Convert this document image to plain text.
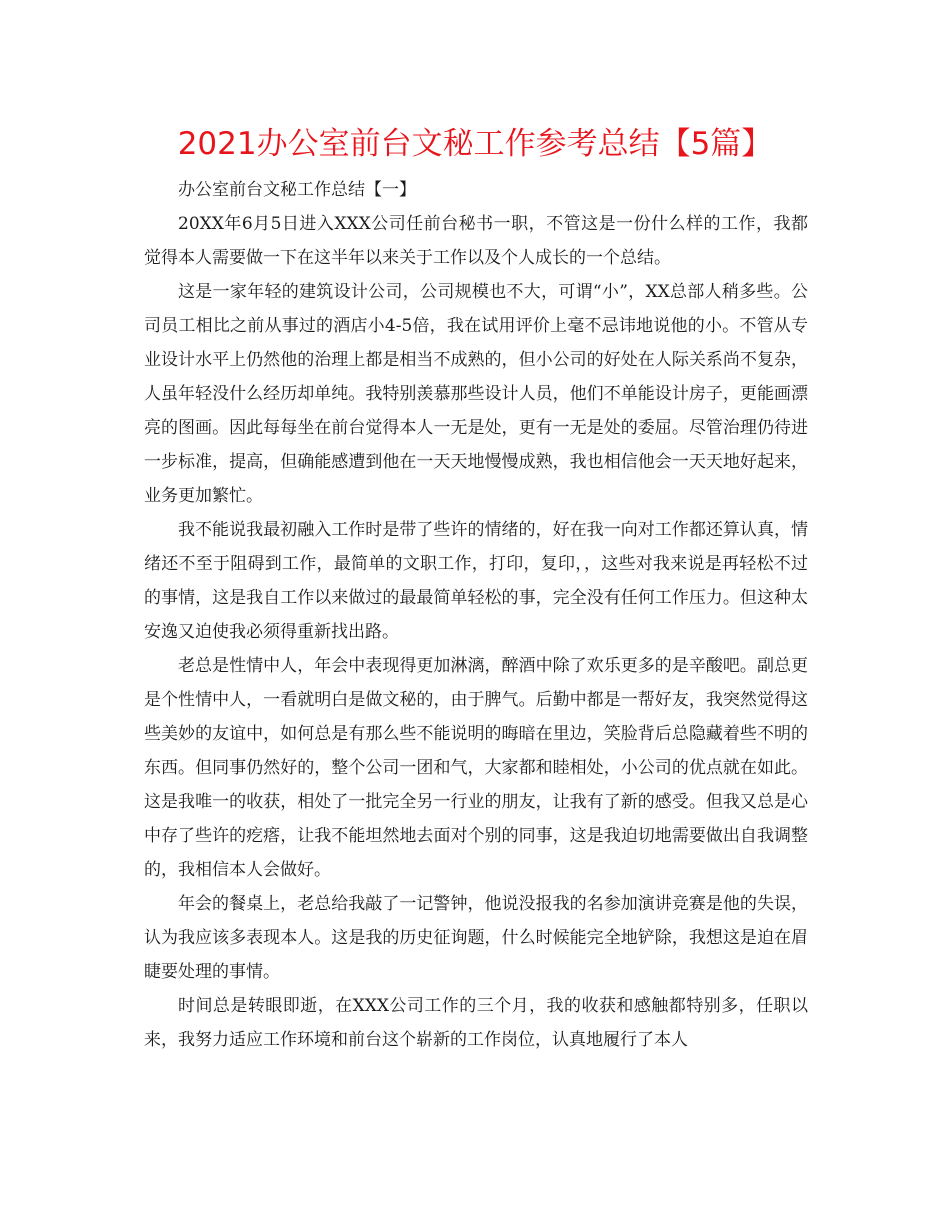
2021办公室前台文秘工作参考总结【5篇】

办公室前台文秘工作总结【一】

20XX年6月5日进入XXX公司任前台秘书一职，不管这是一份什么样的工作，我都觉得本人需要做一下在这半年以来关于工作以及个人成长的一个总结。

这是一家年轻的建筑设计公司，公司规模也不大，可谓“小”，XX总部人稍多些。公司员工相比之前从事过的酒店小4-5倍，我在试用评价上毫不忌讳地说他的小。不管从专业设计水平上仍然他的治理上都是相当不成熟的，但小公司的好处在人际关系尚不复杂，人虽年轻没什么经历却单纯。我特别羡慕那些设计人员，他们不单能设计房子，更能画漂亮的图画。因此每每坐在前台觉得本人一无是处，更有一无是处的委屈。尽管治理仍待进一步标准，提高，但确能感遭到他在一天天地慢慢成熟，我也相信他会一天天地好起来，业务更加繁忙。

我不能说我最初融入工作时是带了些许的情绪的，好在我一向对工作都还算认真，情绪还不至于阻碍到工作，最简单的文职工作，打印，复印，，这些对我来说是再轻松不过的事情，这是我自工作以来做过的最最简单轻松的事，完全没有任何工作压力。但这种太安逸又迫使我必须得重新找出路。

老总是性情中人，年会中表现得更加淋漓，醉酒中除了欢乐更多的是辛酸吧。副总更是个性情中人，一看就明白是做文秘的，由于脾气。后勤中都是一帮好友，我突然觉得这些美妙的友谊中，如何总是有那么些不能说明的晦暗在里边，笑脸背后总隐藏着些不明的东西。但同事仍然好的，整个公司一团和气，大家都和睦相处，小公司的优点就在如此。这是我唯一的收获，相处了一批完全另一行业的朋友，让我有了新的感受。但我又总是心中存了些许的疙瘩，让我不能坦然地去面对个别的同事，这是我迫切地需要做出自我调整的，我相信本人会做好。

年会的餐桌上，老总给我敲了一记警钟，他说没报我的名参加演讲竞赛是他的失误，认为我应该多表现本人。这是我的历史征询题，什么时候能完全地铲除，我想这是迫在眉睫要处理的事情。

时间总是转眼即逝，在XXX公司工作的三个月，我的收获和感触都特别多，任职以来，我努力适应工作环境和前台这个崭新的工作岗位，认真地履行了本人
